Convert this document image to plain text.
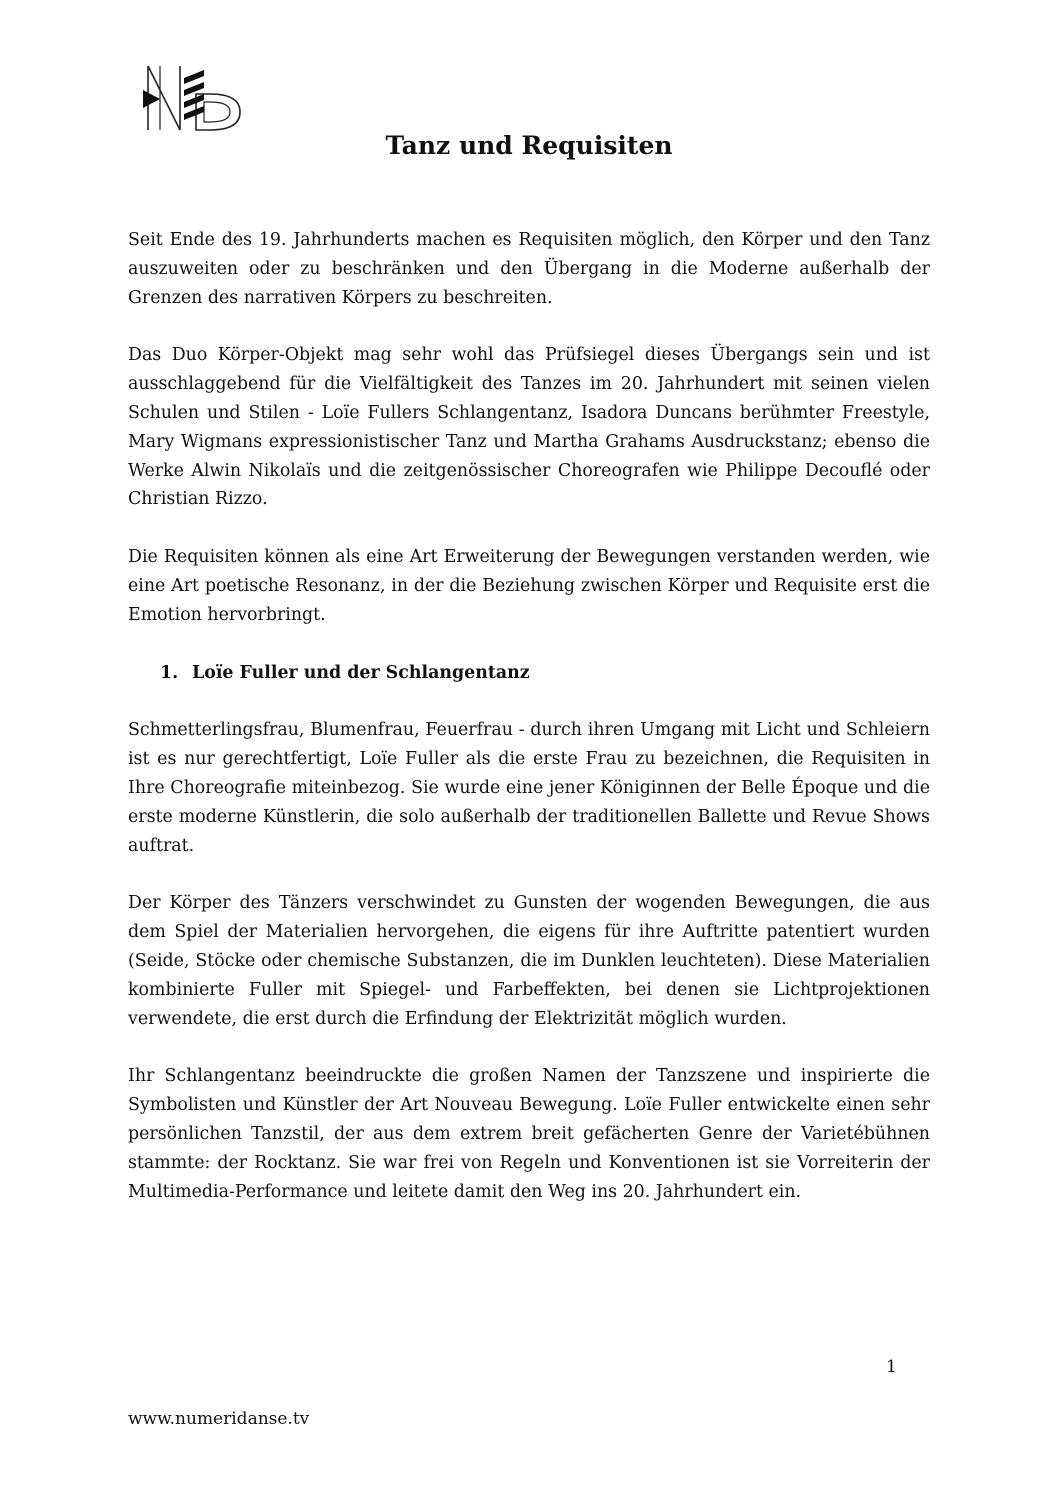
Tanz und Requisiten

Seit Ende des 19. Jahrhunderts machen es Requisiten möglich, den Körper und den Tanz auszuweiten oder zu beschränken und den Übergang in die Moderne außerhalb der Grenzen des narrativen Körpers zu beschreiten.

Das Duo Körper-Objekt mag sehr wohl das Prüfsiegel dieses Übergangs sein und ist ausschlaggebend für die Vielfältigkeit des Tanzes im 20. Jahrhundert mit seinen vielen Schulen und Stilen - Loïe Fullers Schlangentanz, Isadora Duncans berühmter Freestyle, Mary Wigmans expressionistischer Tanz und Martha Grahams Ausdruckstanz; ebenso die Werke Alwin Nikolaïs und die zeitgenössischer Choreografen wie Philippe Decouflé oder Christian Rizzo.

Die Requisiten können als eine Art Erweiterung der Bewegungen verstanden werden, wie eine Art poetische Resonanz, in der die Beziehung zwischen Körper und Requisite erst die Emotion hervorbringt.

1. Loïe Fuller und der Schlangentanz

Schmetterlingsfrau, Blumenfrau, Feuerfrau - durch ihren Umgang mit Licht und Schleiern ist es nur gerechtfertigt, Loïe Fuller als die erste Frau zu bezeichnen, die Requisiten in Ihre Choreografie miteinbezog. Sie wurde eine jener Königinnen der Belle Époque und die erste moderne Künstlerin, die solo außerhalb der traditionellen Ballette und Revue Shows auftrat.

Der Körper des Tänzers verschwindet zu Gunsten der wogenden Bewegungen, die aus dem Spiel der Materialien hervorgehen, die eigens für ihre Auftritte patentiert wurden (Seide, Stöcke oder chemische Substanzen, die im Dunklen leuchteten). Diese Materialien kombinierte Fuller mit Spiegel- und Farbeffekten, bei denen sie Lichtprojektionen verwendete, die erst durch die Erfindung der Elektrizität möglich wurden.

Ihr Schlangentanz beeindruckte die großen Namen der Tanzszene und inspirierte die Symbolisten und Künstler der Art Nouveau Bewegung. Loïe Fuller entwickelte einen sehr persönlichen Tanzstil, der aus dem extrem breit gefächerten Genre der Varietébühnen stammte: der Rocktanz. Sie war frei von Regeln und Konventionen ist sie Vorreiterin der Multimedia-Performance und leitete damit den Weg ins 20. Jahrhundert ein.

1
www.numeridanse.tv
